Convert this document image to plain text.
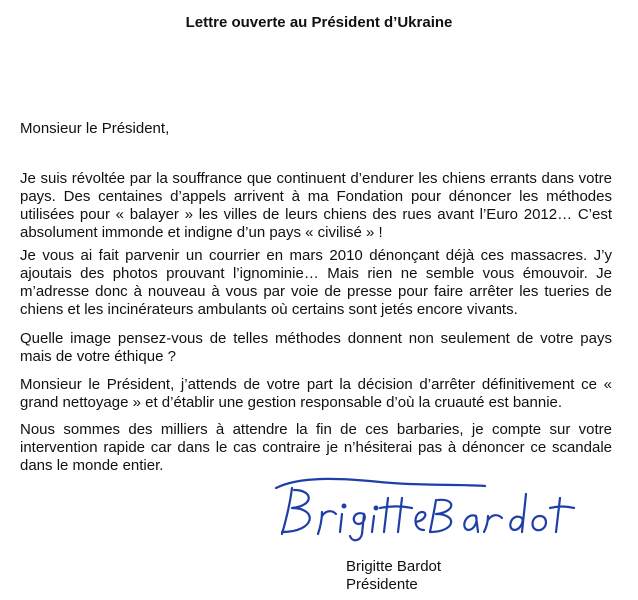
Lettre ouverte au Président d’Ukraine

Monsieur le Président,

Je suis révoltée par la souffrance que continuent d’endurer les chiens errants dans votre pays. Des centaines d’appels arrivent à ma Fondation pour dénoncer les méthodes utilisées pour « balayer » les villes de leurs chiens des rues avant l’Euro 2012… C’est absolument immonde et indigne d’un pays « civilisé » !

Je vous ai fait parvenir un courrier en mars 2010 dénonçant déjà ces massacres. J’y ajoutais des photos prouvant l’ignominie… Mais rien ne semble vous émouvoir. Je m’adresse donc à nouveau à vous par voie de presse pour faire arrêter les tueries de chiens et les incinérateurs ambulants où certains sont jetés encore vivants.

Quelle image pensez-vous de telles méthodes donnent non seulement de votre pays mais de votre éthique ?

Monsieur le Président, j’attends de votre part la décision d’arrêter définitivement ce « grand nettoyage » et d’établir une gestion responsable d’où la cruauté est bannie.

Nous sommes des milliers à attendre la fin de ces barbaries, je compte sur votre intervention rapide car dans le cas contraire je n’hésiterai pas à dénoncer ce scandale dans le monde entier.

Brigitte Bardot

Présidente
